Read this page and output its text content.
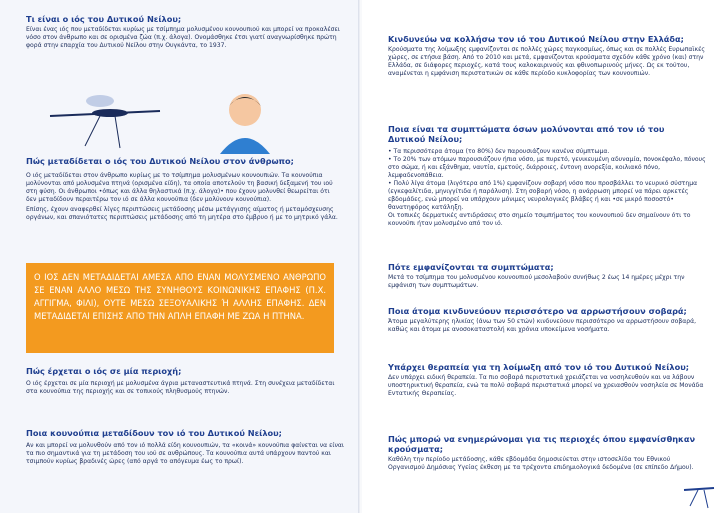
Τι είναι ο ιός του Δυτικού Νείλου;

Είναι ένας ιός που μεταδίδεται κυρίως με τσίμπημα μολυσμένου κουνουπιού και μπορεί να προκαλέσει νόσο στον άνθρωπο και σε ορισμένα ζώα (π.χ. άλογα). Ονομάσθηκε έτσι γιατί αναγνωρίσθηκε πρώτη φορά στην επαρχία του Δυτικού Νείλου στην Ουγκάντα, το 1937.

Πώς μεταδίδεται ο ιός του Δυτικού Νείλου στον άνθρωπο;

Ο ιός μεταδίδεται στον άνθρωπο κυρίως με το τσίμπημα μολυσμένων κουνουπιών. Τα κουνούπια μολύνονται από μολυσμένα πτηνά (ορισμένα είδη), τα οποία αποτελούν τη βασική δεξαμενή του ιού στη φύση. Οι άνθρωποι •όπως και άλλα θηλαστικά (π.χ. άλογα)• που έχουν μολυνθεί θεωρείται ότι δεν μεταδίδουν περαιτέρω τον ιό σε άλλα κουνούπια (δεν μολύνουν κουνούπια).

Επίσης, έχουν αναφερθεί λίγες περιπτώσεις μετάδοσης μέσω μετάγγισης αίματος ή μεταμόσχευσης οργάνων, και σπανιότατες περιπτώσεις μετάδοσης από τη μητέρα στο έμβρυο ή με το μητρικό γάλα.

Ο ΙΟΣ ΔΕΝ ΜΕΤΑΔΙΔΕΤΑΙ ΑΜΕΣΑ ΑΠΟ ΕΝΑΝ ΜΟΛΥΣΜΕΝΟ ΑΝΘΡΩΠΟ ΣΕ ΕΝΑΝ ΑΛΛΟ ΜΕΣΩ ΤΗΣ ΣΥΝΗΘΟΥΣ ΚΟΙΝΩΝΙΚΗΣ ΕΠΑΦΗΣ (Π.Χ. ΑΓΓΙΓΜΑ, ΦΙΛΙ), ΟΥΤΕ ΜΕΣΩ ΣΕΞΟΥΑΛΙΚΗΣ Ή ΑΛΛΗΣ ΕΠΑΦΗΣ. ΔΕΝ ΜΕΤΑΔΙΔΕΤΑΙ ΕΠΙΣΗΣ ΑΠΟ ΤΗΝ ΑΠΛΗ ΕΠΑΦΗ ΜΕ ΖΩΑ Η ΠΤΗΝΑ.
Πώς έρχεται ο ιός σε μία περιοχή;

Ο ιός έρχεται σε μία περιοχή με μολυσμένα άγρια μεταναστευτικά πτηνά. Στη συνέχεια μεταδίδεται στα κουνούπια της περιοχής και σε τοπικούς πληθυσμούς πτηνών.

Ποια κουνούπια μεταδίδουν τον ιό του Δυτικού Νείλου;

Αν και μπορεί να μολυνθούν από τον ιό πολλά είδη κουνουπιών, τα «κοινά» κουνούπια φαίνεται να είναι τα πιο σημαντικά για τη μετάδοση του ιού σε ανθρώπους. Τα κουνούπια αυτά υπάρχουν παντού και τσιμπούν κυρίως βραδινές ώρες (από αργά το απόγευμα έως το πρωί).

Κινδυνεύω να κολλήσω τον ιό του Δυτικού Νείλου στην Ελλάδα;

Κρούσματα της λοίμωξης εμφανίζονται σε πολλές χώρες παγκοσμίως, όπως και σε πολλές Ευρωπαϊκές χώρες, σε ετήσια βάση. Από το 2010 και μετά, εμφανίζονται κρούσματα σχεδόν κάθε χρόνο (και) στην Ελλάδα, σε διάφορες περιοχές, κατά τους καλοκαιρινούς και φθινοπωρινούς μήνες. Ως εκ τούτου, αναμένεται η εμφάνιση περιστατικών σε κάθε περίοδο κυκλοφορίας των κουνουπιών.

Ποια είναι τα συμπτώματα όσων μολύνονται από τον ιό του Δυτικού Νείλου;

• Τα περισσότερα άτομα (το 80%) δεν παρουσιάζουν κανένα σύμπτωμα.

• Το 20% των ατόμων παρουσιάζουν ήπια νόσο, με πυρετό, γενικευμένη αδυναμία, πονοκέφαλο, πόνους στο σώμα, ή και εξάνθημα, ναυτία, εμετούς, διάρροιες, έντονη ανορεξία, κοιλιακό πόνο, λεμφαδενοπάθεια.

• Πολύ λίγα άτομα (λιγότερα από 1%) εμφανίζουν σοβαρή νόσο που προσβάλλει το νευρικό σύστημα (εγκεφαλίτιδα, μηνιγγίτιδα ή παράλυση). Στη σοβαρή νόσο, η ανάρρωση μπορεί να πάρει αρκετές εβδομάδες, ενώ μπορεί να υπάρχουν μόνιμες νευρολογικές βλάβες ή και •σε μικρό ποσοστό• θανατηφόρος κατάληξη.

Οι τοπικές δερματικές αντιδράσεις στο σημείο τσιμπήματος του κουνουπιού δεν σημαίνουν ότι το κουνούπι ήταν μολυσμένο από τον ιό.

Πότε εμφανίζονται τα συμπτώματα;

Μετά το τσίμπημα του μολυσμένου κουνουπιού μεσολαβούν συνήθως 2 έως 14 ημέρες μέχρι την εμφάνιση των συμπτωμάτων.

Ποια άτομα κινδυνεύουν περισσότερο να αρρωστήσουν σοβαρά;

Άτομα μεγαλύτερης ηλικίας (άνω των 50 ετών) κινδυνεύουν περισσότερο να αρρωστήσουν σοβαρά, καθώς και άτομα με ανοσοκαταστολή και χρόνια υποκείμενα νοσήματα.

Υπάρχει θεραπεία για τη λοίμωξη από τον ιό του Δυτικού Νείλου;

Δεν υπάρχει ειδική θεραπεία. Τα πιο σοβαρά περιστατικά χρειάζεται να νοσηλευθούν και να λάβουν υποστηρικτική θεραπεία, ενώ τα πολύ σοβαρά περιστατικά μπορεί να χρειασθούν νοσηλεία σε Μονάδα Εντατικής Θεραπείας.

Πώς μπορώ να ενημερώνομαι για τις περιοχές όπου εμφανίσθηκαν κρούσματα;

Καθόλη την περίοδο μετάδοσης, κάθε εβδομάδα δημοσιεύεται στην ιστοσελίδα του Εθνικού Οργανισμού Δημόσιας Υγείας έκθεση με τα τρέχοντα επιδημιολογικά δεδομένα (σε επίπεδο Δήμου).
